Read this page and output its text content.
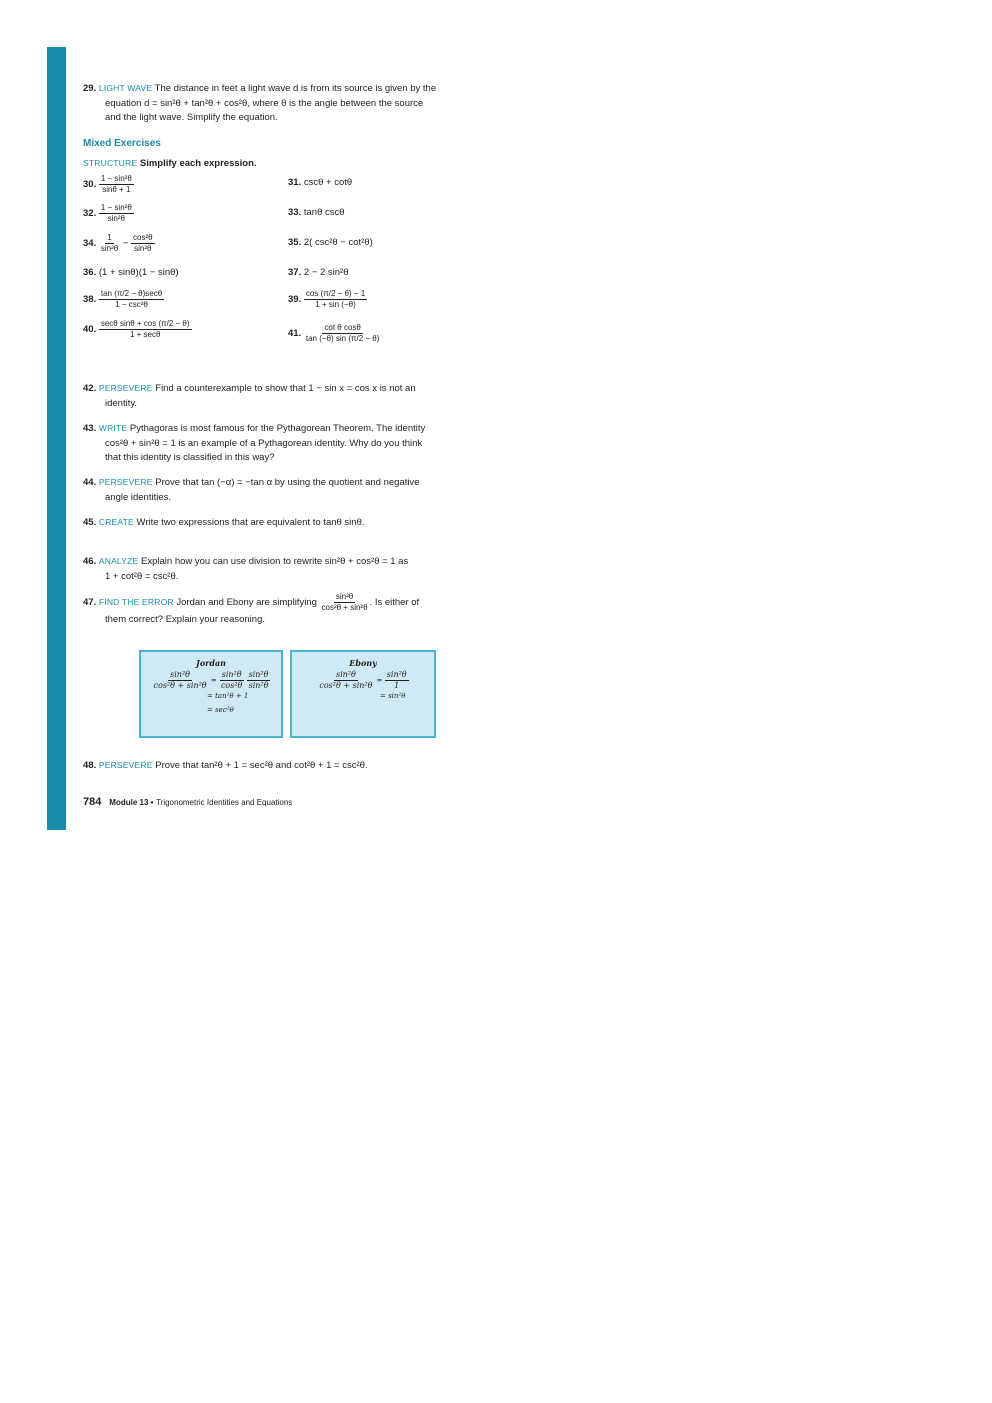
29. LIGHT WAVE The distance in feet a light wave d is from its source is given by the
equation d = sin²θ + tan²θ + cos²θ, where θ is the angle between the source
and the light wave. Simplify the equation.
Mixed Exercises
STRUCTURE Simplify each expression.
30. $\frac{\text{1 − sin²θ}}{\sin\theta + 1}$	31. cscθ + cotθ
32. $\frac{\text{1 − sin²θ}}{\text{sin²θ}}$	33. tanθ cscθ
34. $\frac{1}{\text{sin²θ}} - \frac{\text{cos²θ}}{\text{sin²θ}}$	35. 2( csc²θ − cot²θ)
36. (1 + sinθ)(1 − sinθ)	37. 2 − 2 sin²θ
38. $\frac{\tan (\pi/2 - \theta)\sec\theta}{\text{1 − csc²θ}}$	39. $\frac{\cos (\pi/2 - \theta) - 1}{1 + \sin (-\theta)}$
40. $\frac{\text{secθ sinθ + cos (π/2 − θ)}}{1 + \sec\theta}$	41. $\frac{\text{cot θ cosθ}}{\tan (-\theta) \sin (\pi/2 - \theta)}$
42. PERSEVERE Find a counterexample to show that 1 − sin x = cos x is not an
identity.
43. WRITE Pythagoras is most famous for the Pythagorean Theorem. The identity
cos²θ + sin²θ = 1 is an example of a Pythagorean identity. Why do you think
that this identity is classified in this way?
44. PERSEVERE Prove that tan (−α) = −tan α by using the quotient and negative
angle identities.
45. CREATE Write two expressions that are equivalent to tanθ sinθ.
46. ANALYZE Explain how you can use division to rewrite sin²θ + cos²θ = 1 as
1 + cot²θ = csc²θ.
47. FIND THE ERROR Jordan and Ebony are simplifying $\frac{\text{sin²θ}}{\text{cos²θ + sin²θ}}$ . Is either of
them correct? Explain your reasoning.
Jordan
$\frac{\text{sin²θ}}{\text{cos²θ + sin²θ}} = \frac{\text{sin²θ}}{\text{cos²θ}}$
$\frac{\text{sin²θ}}{\text{sin²θ}}$
= tan²θ + 1
= sec²θ
Ebony
$\frac{\text{sin²θ}}{\text{cos²θ + sin²θ}} = \frac{\text{sin²θ}}{1}$
= sin²θ
48. PERSEVERE Prove that tan²θ + 1 = sec²θ and cot²θ + 1 = csc²θ.
784 Module 13 • Trigonometric Identities and Equations
